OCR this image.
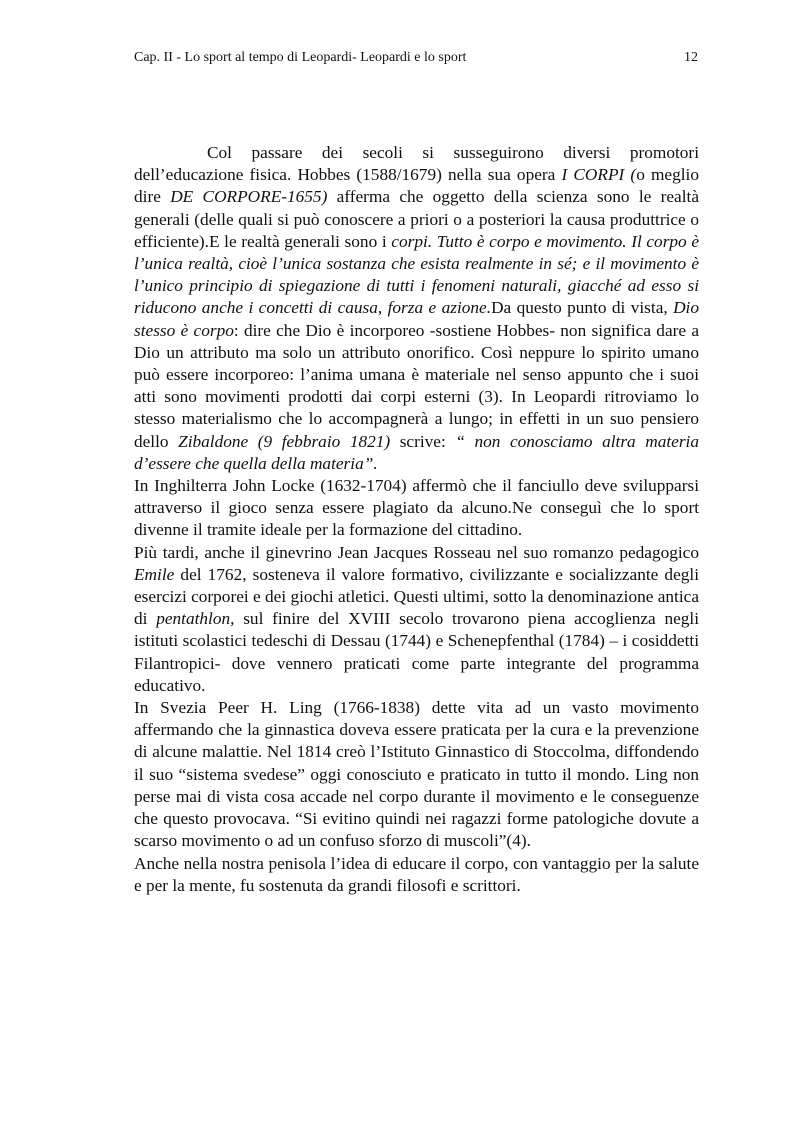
Cap. II - Lo sport al tempo di Leopardi- Leopardi e lo sport	12

Col passare dei secoli si susseguirono diversi promotori dell’educazione fisica. Hobbes (1588/1679) nella sua opera I CORPI (o meglio dire DE CORPORE-1655) afferma che oggetto della scienza sono le realtà generali (delle quali si può conoscere a priori o a posteriori la causa produttrice o efficiente).E le realtà generali sono i corpi. Tutto è corpo e movimento. Il corpo è l’unica realtà, cioè l’unica sostanza che esista realmente in sé; e il movimento è l’unico principio di spiegazione di tutti i fenomeni naturali, giacché ad esso si riducono anche i concetti di causa, forza e azione.Da questo punto di vista, Dio stesso è corpo: dire che Dio è incorporeo -sostiene Hobbes- non significa dare a Dio un attributo ma solo un attributo onorifico. Così neppure lo spirito umano può essere incorporeo: l’anima umana è materiale nel senso appunto che i suoi atti sono movimenti prodotti dai corpi esterni (3). In Leopardi ritroviamo lo stesso materialismo che lo accompagnerà a lungo; in effetti in un suo pensiero dello Zibaldone (9 febbraio 1821) scrive: “ non conosciamo altra materia d’essere che quella della materia”.

In Inghilterra John Locke (1632-1704) affermò che il fanciullo deve svilupparsi attraverso il gioco senza essere plagiato da alcuno.Ne conseguì che lo sport divenne il tramite ideale per la formazione del cittadino.

Più tardi, anche il ginevrino Jean Jacques Rosseau nel suo romanzo pedagogico Emile del 1762, sosteneva il valore formativo, civilizzante e socializzante degli esercizi corporei e dei giochi atletici. Questi ultimi, sotto la denominazione antica di pentathlon, sul finire del XVIII secolo trovarono piena accoglienza negli istituti scolastici tedeschi di Dessau (1744) e Schenepfenthal (1784) – i cosiddetti Filantropici- dove vennero praticati come parte integrante del programma educativo.

In Svezia Peer H. Ling (1766-1838) dette vita ad un vasto movimento affermando che la ginnastica doveva essere praticata per la cura e la prevenzione di alcune malattie. Nel 1814 creò l’Istituto Ginnastico di Stoccolma, diffondendo il suo “sistema svedese” oggi conosciuto e praticato in tutto il mondo. Ling non perse mai di vista cosa accade nel corpo durante il movimento e le conseguenze che questo provocava. “Si evitino quindi nei ragazzi forme patologiche dovute a scarso movimento o ad un confuso sforzo di muscoli”(4).

Anche nella nostra penisola l’idea di educare il corpo, con vantaggio per la salute e per la mente, fu sostenuta da grandi filosofi e scrittori.
